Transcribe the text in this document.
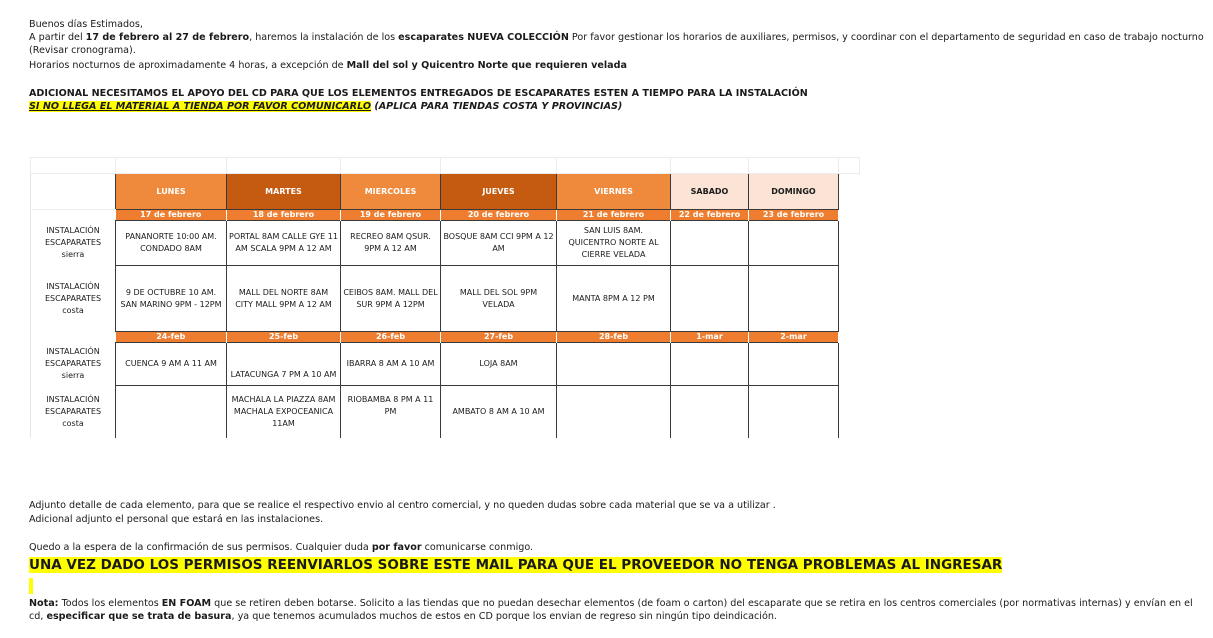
Buenos días Estimados,
A partir del 17 de febrero al 27 de febrero, haremos la instalación de los escaparates NUEVA COLECCIÓN Por favor gestionar los horarios de auxiliares, permisos, y coordinar con el departamento de seguridad en caso de trabajo nocturno
(Revisar cronograma).
Horarios nocturnos de aproximadamente 4 horas, a excepción de Mall del sol y Quicentro Norte que requieren velada
ADICIONAL NECESITAMOS EL APOYO DEL CD PARA QUE LOS ELEMENTOS ENTREGADOS DE ESCAPARATES ESTEN A TIEMPO PARA LA INSTALACIÓN
SI NO LLEGA EL MATERIAL A TIENDA POR FAVOR COMUNICARLO (APLICA PARA TIENDAS COSTA Y PROVINCIAS)

	LUNES	MARTES	MIERCOLES	JUEVES	VIERNES	SABADO	DOMINGO	
	17 de febrero	18 de febrero	19 de febrero	20 de febrero	21 de febrero	22 de febrero	23 de febrero	
INSTALACIÓN ESCAPARATES sierra	PANANORTE 10:00 AM. CONDADO 8AM	PORTAL 8AM CALLE GYE 11 AM SCALA 9PM A 12 AM	RECREO 8AM QSUR. 9PM A 12 AM	BOSQUE 8AM CCI 9PM A 12 AM	SAN LUIS 8AM. QUICENTRO NORTE AL CIERRE VELADA			
INSTALACIÓN ESCAPARATES costa	9 DE OCTUBRE 10 AM. SAN MARINO 9PM - 12PM	MALL DEL NORTE 8AM CITY MALL 9PM A 12 AM	CEIBOS 8AM. MALL DEL SUR 9PM A 12PM	MALL DEL SOL 9PM VELADA	MANTA 8PM A 12 PM			
	24-feb	25-feb	26-feb	27-feb	28-feb	1-mar	2-mar	
INSTALACIÓN ESCAPARATES sierra	CUENCA 9 AM A 11 AM	LATACUNGA 7 PM A 10 AM	IBARRA 8 AM A 10 AM	LOJA 8AM				
INSTALACIÓN ESCAPARATES costa		MACHALA LA PIAZZA 8AM MACHALA EXPOCEANICA 11AM	RIOBAMBA 8 PM A 11 PM	AMBATO 8 AM A 10 AM				
Adjunto detalle de cada elemento, para que se realice el respectivo envio al centro comercial, y no queden dudas sobre cada material que se va a utilizar .
Adicional adjunto el personal que estará en las instalaciones.
Quedo a la espera de la confirmación de sus permisos. Cualquier duda por favor comunicarse conmigo.
UNA VEZ DADO LOS PERMISOS REENVIARLOS SOBRE ESTE MAIL PARA QUE EL PROVEEDOR NO TENGA PROBLEMAS AL INGRESAR
Nota: Todos los elementos EN FOAM que se retiren deben botarse. Solicito a las tiendas que no puedan desechar elementos (de foam o carton) del escaparate que se retira en los centros comerciales (por normativas internas) y envían en el
cd, especificar que se trata de basura, ya que tenemos acumulados muchos de estos en CD porque los envian de regreso sin ningún tipo deindicación.
